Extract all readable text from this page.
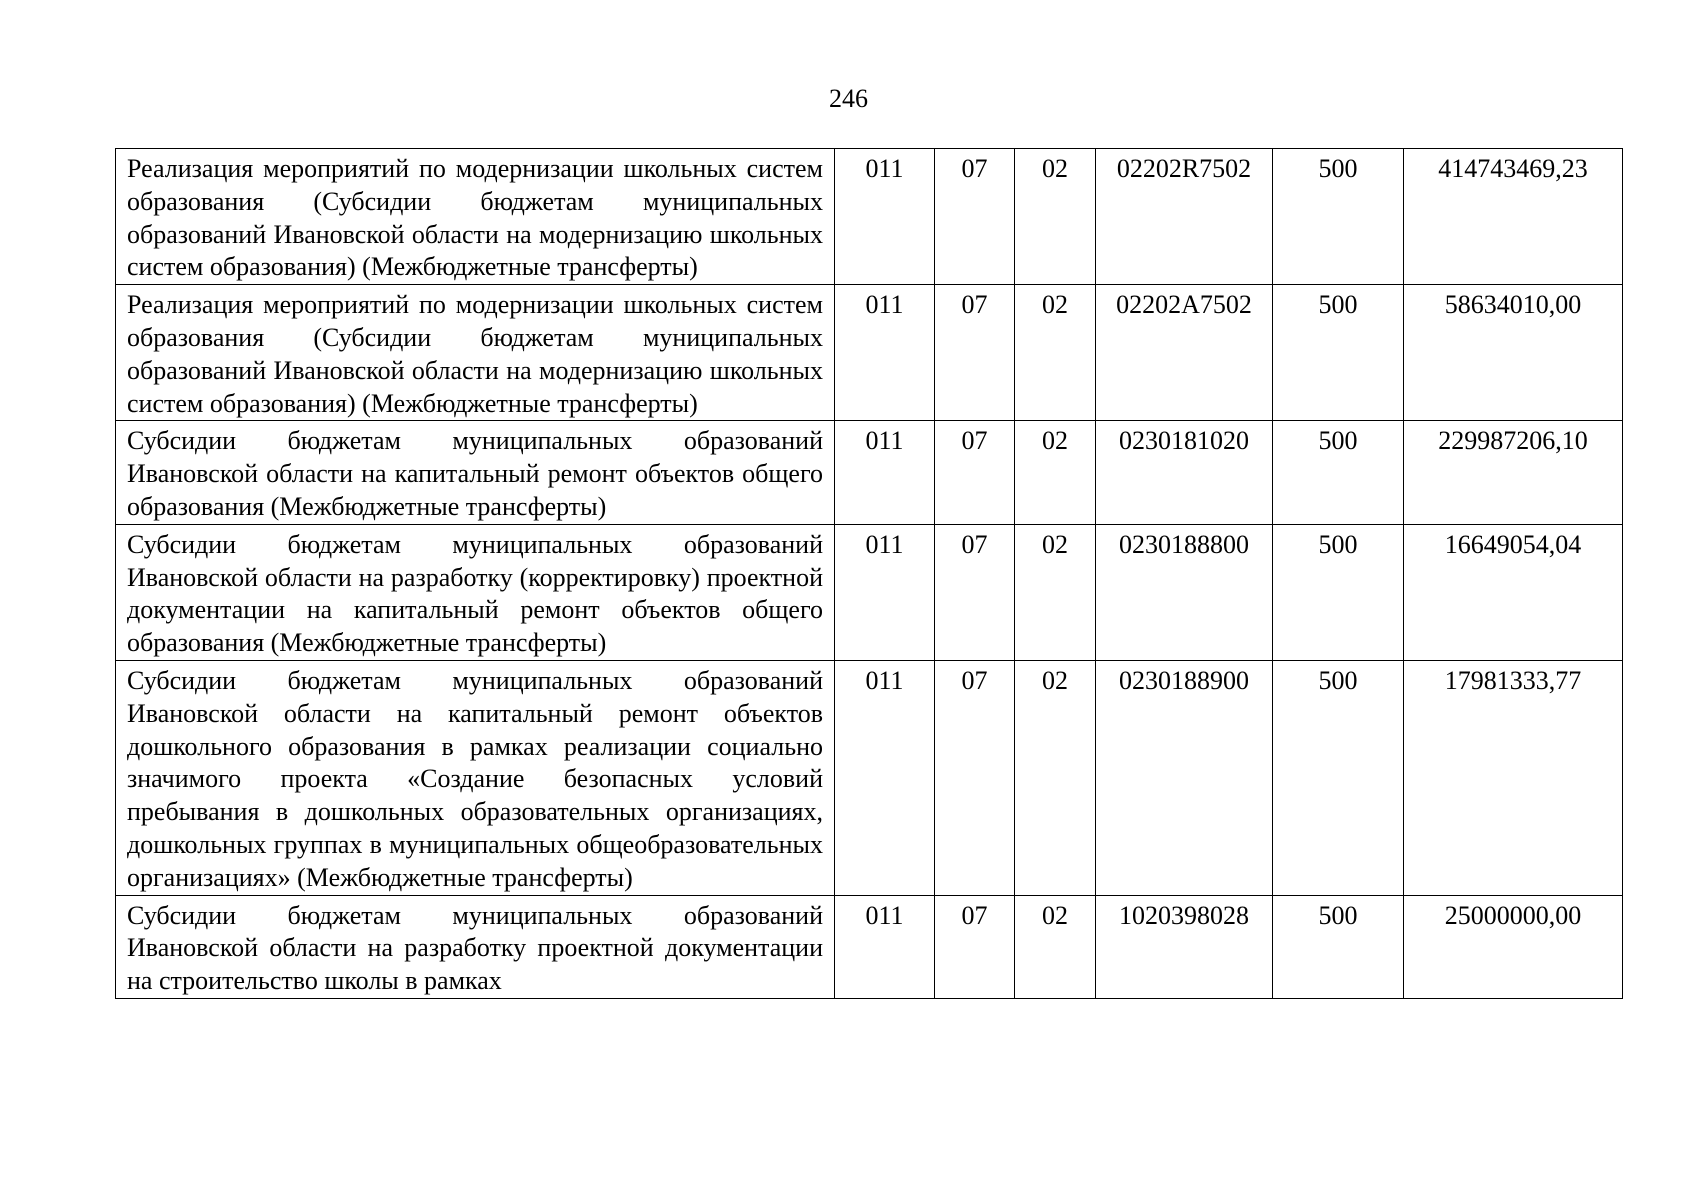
246
Реализация мероприятий по модернизации школьных систем образования (Субсидии бюджетам муниципальных образований Ивановской области на модернизацию школьных систем образования) (Межбюджетные трансферты)	011	07	02	02202R7502	500	414743469,23
Реализация мероприятий по модернизации школьных систем образования (Субсидии бюджетам муниципальных образований Ивановской области на модернизацию школьных систем образования) (Межбюджетные трансферты)	011	07	02	02202A7502	500	58634010,00
Субсидии бюджетам муниципальных образований Ивановской области на капитальный ремонт объектов общего образования (Межбюджетные трансферты)	011	07	02	0230181020	500	229987206,10
Субсидии бюджетам муниципальных образований Ивановской области на разработку (корректировку) проектной документации на капитальный ремонт объектов общего образования (Межбюджетные трансферты)	011	07	02	0230188800	500	16649054,04
Субсидии бюджетам муниципальных образований Ивановской области на капитальный ремонт объектов дошкольного образования в рамках реализации социально значимого проекта «Создание безопасных условий пребывания в дошкольных образовательных организациях, дошкольных группах в муниципальных общеобразовательных организациях» (Межбюджетные трансферты)	011	07	02	0230188900	500	17981333,77
Субсидии бюджетам муниципальных образований Ивановской области на разработку проектной документации на строительство школы в рамках	011	07	02	1020398028	500	25000000,00
